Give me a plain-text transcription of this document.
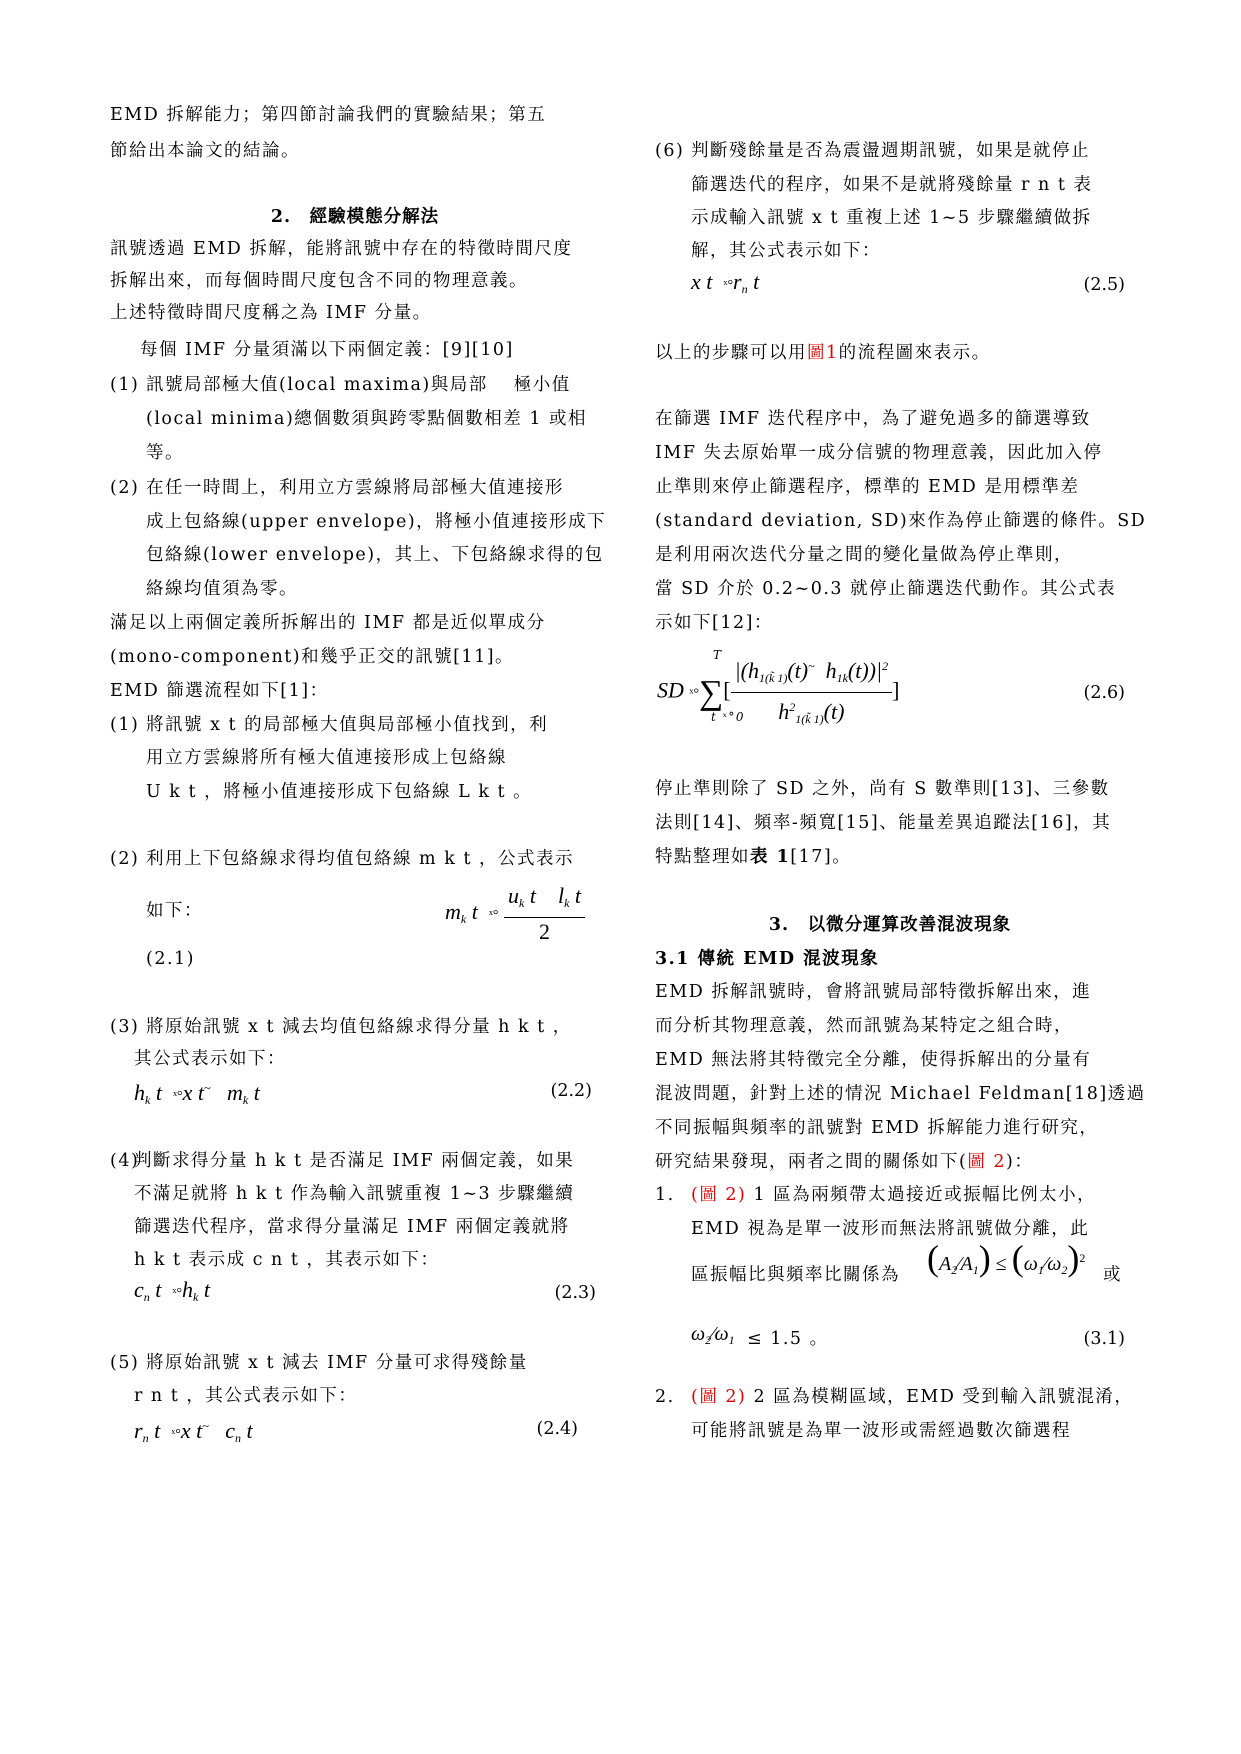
EMD 拆解能力；第四節討論我們的實驗結果；第五
節給出本論文的結論。
2.　經驗模態分解法
訊號透過 EMD 拆解，能將訊號中存在的特徵時間尺度
拆解出來，而每個時間尺度包含不同的物理意義。
上述特徵時間尺度稱之為 IMF 分量。
每個 IMF 分量須滿以下兩個定義：[9][10]
(1) 訊號局部極大值(local maxima)與局部　 極小值
(local minima)總個數須與跨零點個數相差 1 或相
等。
(2) 在任一時間上，利用立方雲線將局部極大值連接形
成上包絡線(upper envelope)，將極小值連接形成下
包絡線(lower envelope)，其上、下包絡線求得的包
絡線均值須為零。
滿足以上兩個定義所拆解出的 IMF 都是近似單成分
(mono-component)和幾乎正交的訊號[11]。
EMD 篩選流程如下[1]：
(1) 將訊號 x t 的局部極大值與局部極小值找到，利
用立方雲線將所有極大值連接形成上包絡線
U k t ，將極小值連接形成下包絡線 L k t 。
(2) 利用上下包絡線求得均值包絡線 m k t ，公式表示
如下：	$m_k$ t  ˣ° $\frac{u_k t l_k t}{2}$
(2.1)
(3) 將原始訊號 x t 減去均值包絡線求得分量 h k t ，
其公式表示如下：
$h_k$ t  ˣ°x t~   $m_k$ t	(2.2)
(4)
判斷求得分量 h k t 是否滿足 IMF 兩個定義，如果
不滿足就將 h k t 作為輸入訊號重複 1~3 步驟繼續
篩選迭代程序，當求得分量滿足 IMF 兩個定義就將
h k t 表示成 c n t ，其表示如下：
$c_n$ t  $ˣ^\circ h_k$ t	(2.3)
(5) 將原始訊號 x t 減去 IMF 分量可求得殘餘量
r n t ，其公式表示如下：
$r_n$ t  ˣ°x t~   $c_n$ t	(2.4)
(6) 判斷殘餘量是否為震盪週期訊號，如果是就停止
篩選迭代的程序，如果不是就將殘餘量 r n t 表
示成輸入訊號 x t 重複上述 1~5 步驟繼續做拆
解，其公式表示如下：
x t  $ˣ^\circ r_n$ t	(2.5)
以上的步驟可以用圖1的流程圖來表示。
在篩選 IMF 迭代程序中，為了避免過多的篩選導致
IMF 失去原始單一成分信號的物理意義，因此加入停
止準則來停止篩選程序，標準的 EMD 是用標準差
(standard deviation, SD)來作為停止篩選的條件。SD
是利用兩次迭代分量之間的變化量做為停止準則，
當 SD 介於 0.2~0.3 就停止篩選迭代動作。其公式表
示如下[12]：
SD ˣ°∑[ $\frac{|(h_{1(k̃ 1)}(t)^\sim h_{1k}(t))|^2}{h^2_{1(k̃ 1)}(t)}$ ]
T
t ˣ°0
(2.6)
停止準則除了 SD 之外，尚有 S 數準則[13]、三參數
法則[14]、頻率-頻寬[15]、能量差異追蹤法[16]，其
特點整理如表 1[17]。
3.　以微分運算改善混波現象
3.1 傳統 EMD 混波現象
EMD 拆解訊號時，會將訊號局部特徵拆解出來，進
而分析其物理意義，然而訊號為某特定之組合時，
EMD 無法將其特徵完全分離，使得拆解出的分量有
混波問題，針對上述的情況 Michael Feldman[18]透過
不同振幅與頻率的訊號對 EMD 拆解能力進行研究，
研究結果發現，兩者之間的關係如下(圖 2)：
1. (圖 2) 1 區為兩頻帶太過接近或振幅比例太小，
EMD 視為是單一波形而無法將訊號做分離，此
區振幅比與頻率比關係為 $(A_2⁄A_1)$ ≤ $(\omega_1⁄\omega_2)^2$
或
$\omega_2⁄\omega_1 \le 1.5$ 。	(3.1)
2. (圖 2) 2 區為模糊區域，EMD 受到輸入訊號混淆，
可能將訊號是為單一波形或需經過數次篩選程
